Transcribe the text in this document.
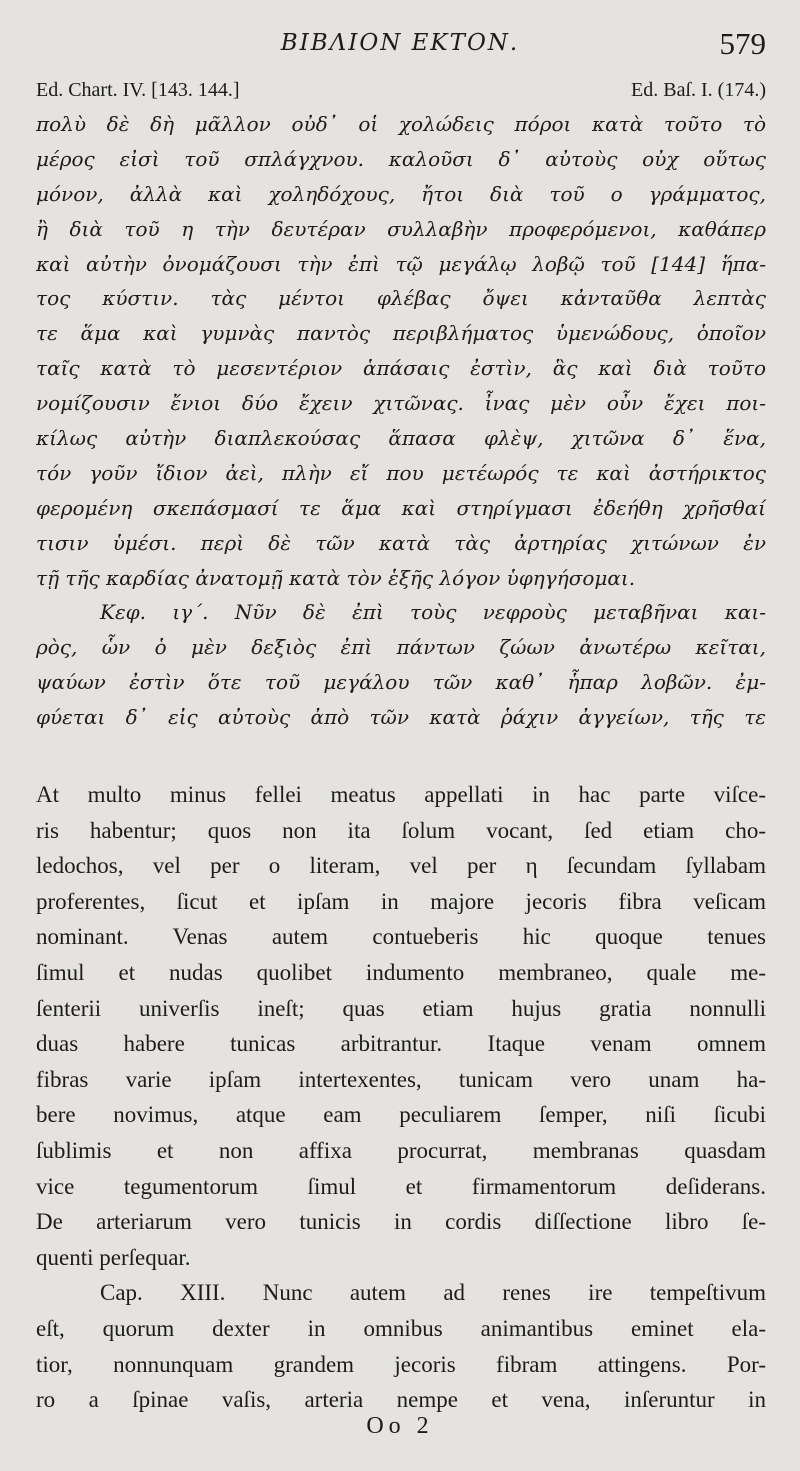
ΒΙΒΛΙΟΝ ΕΚΤΟΝ.	579
Ed. Chart. IV. [143. 144.]	Ed. Baſ. I. (174.)
πολὺ δὲ δὴ μᾶλλον οὐδ᾽ οἱ χολώδεις πόροι κατὰ τοῦτο τὸ
μέρος εἰσὶ τοῦ σπλάγχνου. καλοῦσι δ᾽ αὐτοὺς οὐχ οὕτως
μόνον, ἀλλὰ καὶ χοληδόχους, ἤτοι διὰ τοῦ ο γράμματος,
ἢ διὰ τοῦ η τὴν δευτέραν συλλαβὴν προφερόμενοι, καθάπερ
καὶ αὐτὴν ὀνομάζουσι τὴν ἐπὶ τῷ μεγάλῳ λοβῷ τοῦ [144] ἥπα-
τος κύστιν. τὰς μέντοι φλέβας ὄψει κἀνταῦθα λεπτὰς
τε ἅμα καὶ γυμνὰς παντὸς περιβλήματος ὑμενώδους, ὁποῖον
ταῖς κατὰ τὸ μεσεντέριον ἁπάσαις ἐστὶν, ἃς καὶ διὰ τοῦτο
νομίζουσιν ἔνιοι δύο ἔχειν χιτῶνας. ἶνας μὲν οὖν ἔχει ποι-
κίλως αὐτὴν διαπλεκούσας ἅπασα φλὲψ, χιτῶνα δ᾽ ἕνα,
τόν γοῦν ἴδιον ἀεὶ, πλὴν εἴ που μετέωρός τε καὶ ἀστήρικτος
φερομένη σκεπάσμασί τε ἅμα καὶ στηρίγμασι ἐδεήθη χρῆσθαί
τισιν ὑμέσι. περὶ δὲ τῶν κατὰ τὰς ἀρτηρίας χιτώνων ἐν
τῇ τῆς καρδίας ἀνατομῇ κατὰ τὸν ἑξῆς λόγον ὑφηγήσομαι.
Κεφ. ιγ΄. Νῦν δὲ ἐπὶ τοὺς νεφροὺς μεταβῆναι και-
ρὸς, ὧν ὁ μὲν δεξιὸς ἐπὶ πάντων ζώων ἀνωτέρω κεῖται,
ψαύων ἐστὶν ὅτε τοῦ μεγάλου τῶν καθ᾽ ἧπαρ λοβῶν. ἐμ-
φύεται δ᾽ εἰς αὐτοὺς ἀπὸ τῶν κατὰ ῥάχιν ἀγγείων, τῆς τε
At multo minus fellei meatus appellati in hac parte viſce-
ris habentur; quos non ita ſolum vocant, ſed etiam cho-
ledochos, vel per o literam, vel per η ſecundam ſyllabam
proferentes, ſicut et ipſam in majore jecoris fibra veſicam
nominant. Venas autem contueberis hic quoque tenues
ſimul et nudas quolibet indumento membraneo, quale me-
ſenterii univerſis ineſt; quas etiam hujus gratia nonnulli
duas habere tunicas arbitrantur. Itaque venam omnem
fibras varie ipſam intertexentes, tunicam vero unam ha-
bere novimus, atque eam peculiarem ſemper, niſi ſicubi
ſublimis et non affixa procurrat, membranas quasdam
vice tegumentorum ſimul et firmamentorum deſiderans.
De arteriarum vero tunicis in cordis diſſectione libro ſe-
quenti perſequar.
Cap. XIII. Nunc autem ad renes ire tempeſtivum
eſt, quorum dexter in omnibus animantibus eminet ela-
tior, nonnunquam grandem jecoris fibram attingens. Por-
ro a ſpinae vaſis, arteria nempe et vena, inſeruntur in
Oo 2
